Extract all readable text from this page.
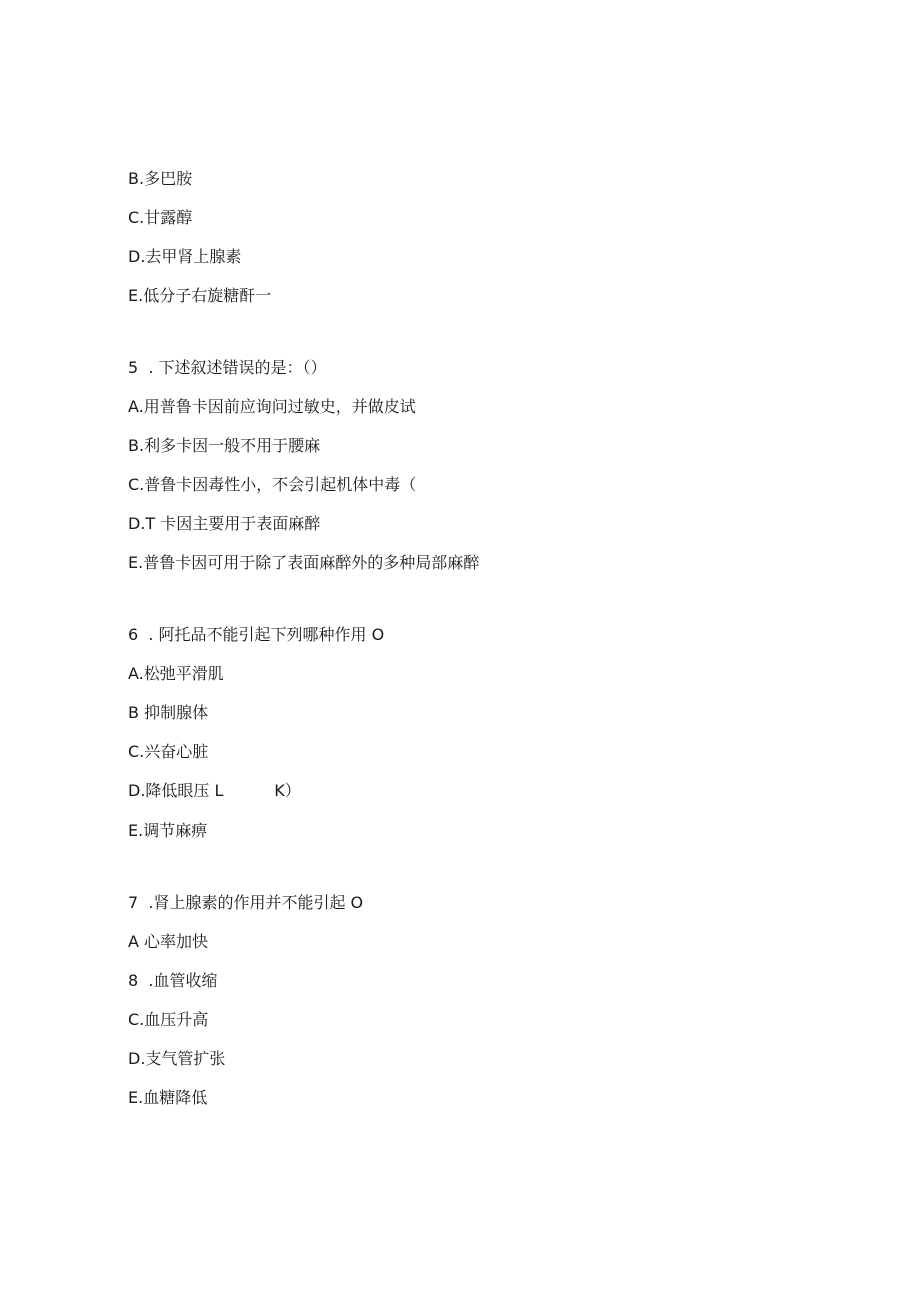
B.多巴胺
C.甘露醇
D.去甲肾上腺素
E.低分子右旋糖酐一
5  . 下述叙述错误的是：（）
A.用普鲁卡因前应询问过敏史，并做皮试
B.利多卡因一般不用于腰麻
C.普鲁卡因毒性小，不会引起机体中毒（
D.T 卡因主要用于表面麻醉
E.普鲁卡因可用于除了表面麻醉外的多种局部麻醉
6  . 阿托品不能引起下列哪种作用 O
A.松弛平滑肌
B 抑制腺体
C.兴奋心脏
D.降低眼压 L          K）
E.调节麻痹
7  .肾上腺素的作用并不能引起 O
A 心率加快
8  .血管收缩
C.血压升高
D.支气管扩张
E.血糖降低
